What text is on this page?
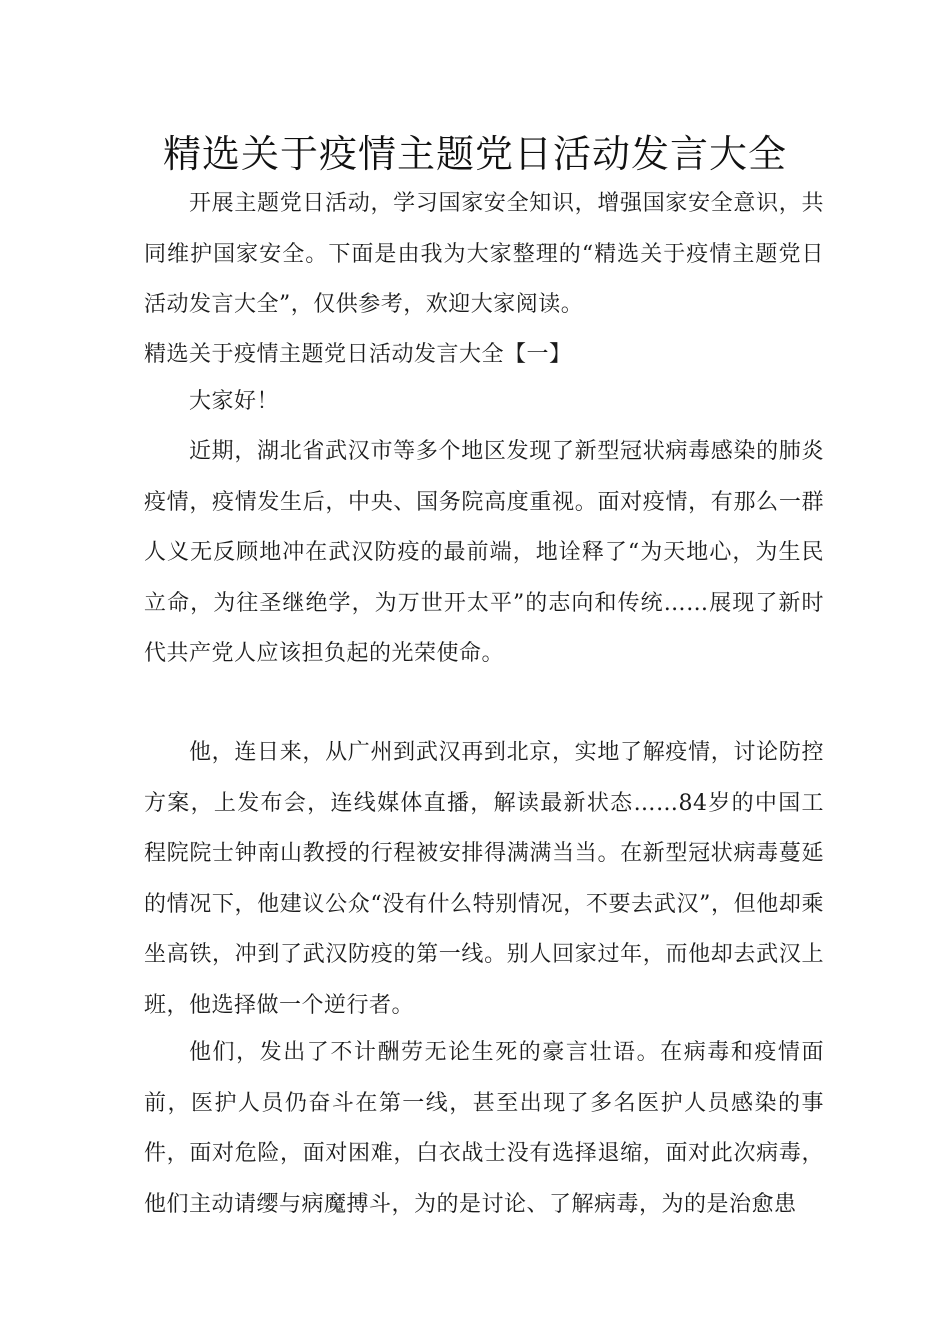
精选关于疫情主题党日活动发言大全

开展主题党日活动，学习国家安全知识，增强国家安全意识，共同维护国家安全。下面是由我为大家整理的“精选关于疫情主题党日活动发言大全”，仅供参考，欢迎大家阅读。

精选关于疫情主题党日活动发言大全【一】

大家好！

近期，湖北省武汉市等多个地区发现了新型冠状病毒感染的肺炎疫情，疫情发生后，中央、国务院高度重视。面对疫情，有那么一群人义无反顾地冲在武汉防疫的最前端，地诠释了“为天地心，为生民立命，为往圣继绝学，为万世开太平”的志向和传统……展现了新时代共产党人应该担负起的光荣使命。

他，连日来，从广州到武汉再到北京，实地了解疫情，讨论防控方案，上发布会，连线媒体直播，解读最新状态……84岁的中国工程院院士钟南山教授的行程被安排得满满当当。在新型冠状病毒蔓延的情况下，他建议公众“没有什么特别情况，不要去武汉”，但他却乘坐高铁，冲到了武汉防疫的第一线。别人回家过年，而他却去武汉上班，他选择做一个逆行者。

他们，发出了不计酬劳无论生死的豪言壮语。在病毒和疫情面前，医护人员仍奋斗在第一线，甚至出现了多名医护人员感染的事件，面对危险，面对困难，白衣战士没有选择退缩，面对此次病毒，他们主动请缨与病魔搏斗，为的是讨论、了解病毒，为的是治愈患
